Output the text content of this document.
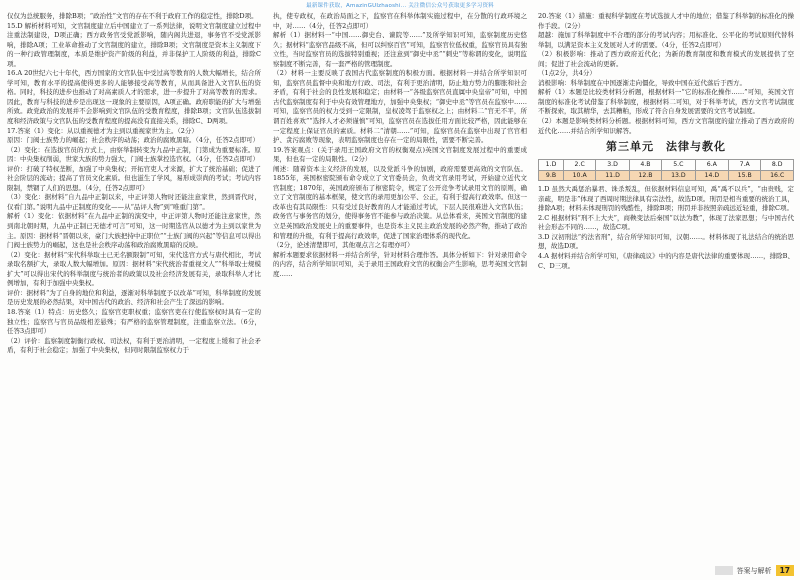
最新课件获取，AmazinGUIzhaoshi... 关注微信公众号获取更多学习资料

仅仅为总统服务，排除B项；“政治性”文官的存在不利于政府工作的稳定性，排除D项。

15.D 解析材料可知，文官制度建立后中国建立了一系列法律，说明文官制度建立过程中注重法制建设，D项正确；西方政务官受党派影响，随内阁共进退，事务官不受党派影响，排除A项；工业革命推动了文官制度的建立，排除B项；文官制度是资本主义制度下的一种行政管理制度，本质是维护资产阶级的利益，并非保护工人阶级的利益，排除C项。

16.A 20世纪六七十年代，西方国家的文官队伍中受过高等教育的人数大幅增长，结合所学可知，教育水平的提高使得更多的人能够接受高等教育，从而具备进入文官队伍的资格。同时，科技的进步也推动了对高素质人才的需求，进一步提升了对高等教育的需求。因此，教育与科技的进步是出现这一现象的主要原因，A项正确。政府职能的扩大与增强所致。政党政治的发展并不会影响到文官队伍的受教育程度，排除B项；文官队伍选拔制度和经济政策与文官队伍的受教育程度的提高没有直接关系，排除C、D两项。

17.答案（1）变化：从以重视德才为主到以重视家世为主。（2分）

原因：门阀士族势力的崛起；社会秩序的动荡；政治的腐败黑暗。（4分，任答2点即可）

（2）变化：在选拔官员的方式上，由察举制转变为九品中正制，门第成为重要标准。原因：中央集权削弱，世家大族的势力强大，门阀士族掌控选官权。（4分，任答2点即可）

评价：打破了特权垄断，加强了中央集权；开拓官吏人才来源，扩大了统治基础；促进了社会阶层的流动；提高了官员文化素质。但也滋生了学风，易形成崇尚的考试；考试内容限制，禁锢了人们的思想。（4分，任答2点即可）

（3）变化：据材料“自九品中正制以来，中正评第人物时还能注意家世，然到晋代时，仅看门第。”说明九品中正制度的变化——从“品评人物”到“唯重门第”。

解析（1）变化：依据材料“在九品中正制的演变中，中正评第人物时还能注意家世，然到南北朝时期，九品中正制已无德才可言”可知，这一时期选官从以德才为主到以家世为主。原因：据材料“晋朝以来，豪门大族把持中正职位”“士族门阀的兴起”等信息可以得出门阀士族势力的崛起，这也是社会秩序动荡和政治腐败黑暗的反映。

（2）变化：据材料“宋代科举取士已无名额限制”可知，宋代选官方式与唐代相比，考试录取名额扩大，录取人数大幅增加。原因：据材料“宋代统治者重视文人”“科举取士规模扩大”可以得出宋代的科举制度与统治者的政策以及社会经济发展有关，录取科举人才比例增加，有利于加强中央集权。

评价：据材料“为了自身的地位和利益，逐渐对科举制度予以改革”可知，科举制度的发展是历史发展的必然结果，对中国古代的政治、经济和社会产生了深远的影响。

18.答案（1）特点：历史悠久；监察官吏职权重；监察官吏在行使监察权时具有一定的独立性；监察官与官员品级相差悬殊；有严格的监察管理制度，注重监察立法。（6分，任答3点即可）

（2）评价：监察制度制衡行政权、司法权，有利于更治清明，一定程度上缓和了社会矛盾，有利于社会稳定；加强了中央集权，但同时限制监察权力于

执，使专政权，在政治局面之下，监察官在科举体制实施过程中，在分散的行政环境之中，对……（4分，任答2点即可）

解析（1）据材料一“中国……御史台、谏院等……”及所学知识可知，监察制度历史悠久；据材料“监察官品级不高，但可以纠察百官”可知，监察官位低权重，监察官员具有独立性，当时监察官员的选拔特别重视；还注意到“御史中丞”“刺史”等称谓的变化，说明监察制度不断完善，有一套严格的管理制度。

（2）材料一主要反映了我国古代监察制度的积极方面。根据材料一并结合所学知识可知，监察官员监督中央和地方行政、司法，有利于更治清明，防止地方势力的膨胀和社会矛盾，有利于社会的良性发展和稳定；由材料一“各级监察官员直属中央皇帝”可知，中国古代监察制度有利于中央有效管理地方，加强中央集权；“御史中丞”等官员在监察中……可知，监察官员的权力受到一定限制，皇权凌驾于监察权之上；由材料二“官无不平，所谓百姓喜欢”“选择人才必须谨慎”可知，监察官员在选拔任用方面比较严格，因此能够在一定程度上保证官员的素质。材料二“清朝……”可知，监察官员在监察中出现了官官相护、贪污腐败等现象，表明监察制度也存在一定的局限性，需要不断完善。

19.答案观点：(关于录用王国政府文官的权衡观点)英国文官制度发展过程中的重要成果，但也有一定的局限性。（2分）

阐述：随着资本主义经济的发展，以及党派斗争的加剧，政府需要更高效的文官队伍。1855年，英国枢密院颁布命令成立了文官委员会，负责文官录用考试，开始建立近代文官制度；1870年，英国政府颁布了枢密院令，规定了公开竞争考试录用文官的原则，确立了文官制度的基本框架，使文官的录用更加公平、公正，有利于提高行政效率。但这一改革也有其局限性：只有受过良好教育的人才能通过考试，下层人民很难进入文官队伍；政务官与事务官的划分，使得事务官不能参与政治决策。从总体看来，英国文官制度的建立是英国政治发展史上的重要事件，也是资本主义民主政治发展的必然产物，推动了政治和管理的升级，有利于提高行政效率，促进了国家治理体系的现代化。

（2分，论述清楚即可，其他观点言之有理亦可）

解析本题要求依据材料一并结合所学，针对材料合理作答。具体分析如下：针对录用命令的内容，结合所学知识可知，关于录用王国政府文官的权衡会产生影响，思考英国文官制度……

20.答案（1）措施：重视科学制度在考试选拔人才中的地位；借鉴了科举制的标准化的操作手段。（2分）

超越：施加了科举制度中不合理的部分的考试内容；用标准化、公平化的考试原则代替科举制，以满足资本主义发展对人才的需要。（4分，任答2点即可）

（2）积极影响：推动了西方政府近代化；为新的教育制度和教育模式的发展提供了空间；促进了社会流动的更新。

（1点2分，共4分）

消极影响：科举制度在中国逐渐走向僵化，导致中国在近代落后于西方。

解析（1）本题是比较类材料分析题，根据材料一“它的标准化操作……”可知，英国文官制度的标准化考试借鉴了科举制度，根据材料二可知，对于科举考试，西方文官考试制度不断探索，取其精华，去其糟粕，形成了符合自身发展需要的文官考试制度。

（2）本题是影响类材料分析题。根据材料可知，西方文官制度的建立推动了西方政府的近代化……并结合所学知识解答。

第三单元　法律与教化
1.D	2.C	3.D	4.B	5.C	6.A	7.A	8.D
9.B	10.A	11.D	12.B	13.D	14.D	15.B	16.C

1.D 虽然大禹惩治暴君、诛杀叛乱，但依据材料信息可知，禹“禹不以兵”，“由贵贱，定亲疏，明是非”体现了西周时期法律具有宗法性，故选D项。刑罚是相当重要的统治工具，排除A项；材料未体现刑罚的残酷性，排除B项；刑罚并非按照亲疏远近轻重，排除C项。

2.C 根据材料“刑不上大夫”，商鞅变法后秦国“以法为教”，体现了法家思想；与中国古代社会形态不同的……，故选C项。

3.D 汉初刑法“约法省刑”，结合所学知识可知，汉朝……。材料体现了礼法结合的统治思想，故选D项。

4.A 据材料并结合所学可知，《唐律疏议》中的内容是唐代法律的重要体现……，排除B、C、D三项。

答案与解析	17
